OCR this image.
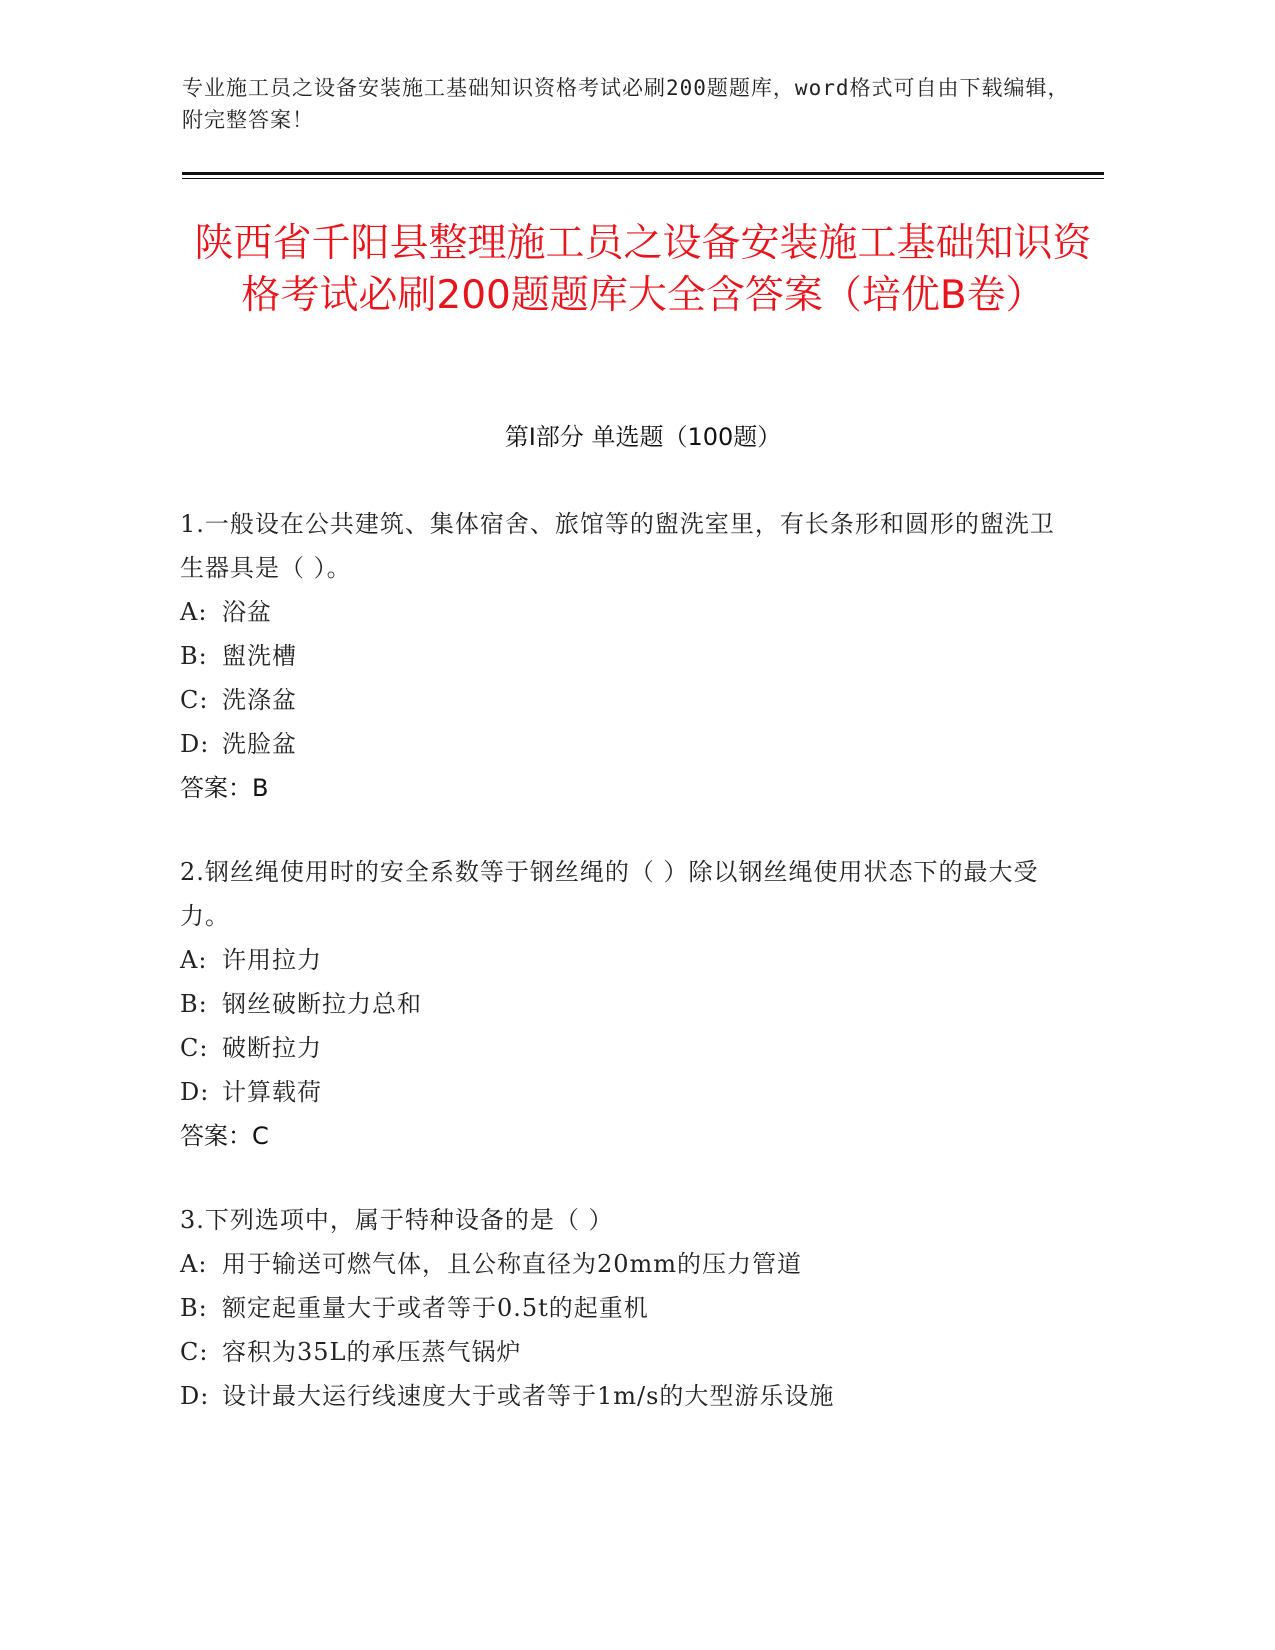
专业施工员之设备安装施工基础知识资格考试必刷200题题库，word格式可自由下载编辑，附完整答案！
陕西省千阳县整理施工员之设备安装施工基础知识资格考试必刷200题题库大全含答案（培优B卷）
第I部分 单选题（100题）

1.一般设在公共建筑、集体宿舍、旅馆等的盥洗室里，有长条形和圆形的盥洗卫生器具是（ ）。

A: 浴盆

B: 盥洗槽

C: 洗涤盆

D: 洗脸盆

答案：B

2.钢丝绳使用时的安全系数等于钢丝绳的（ ）除以钢丝绳使用状态下的最大受力。

A: 许用拉力

B: 钢丝破断拉力总和

C: 破断拉力

D: 计算载荷

答案：C

3.下列选项中，属于特种设备的是（ ）

A: 用于输送可燃气体，且公称直径为20mm的压力管道

B: 额定起重量大于或者等于0.5t的起重机

C: 容积为35L的承压蒸气锅炉

D: 设计最大运行线速度大于或者等于1m/s的大型游乐设施
